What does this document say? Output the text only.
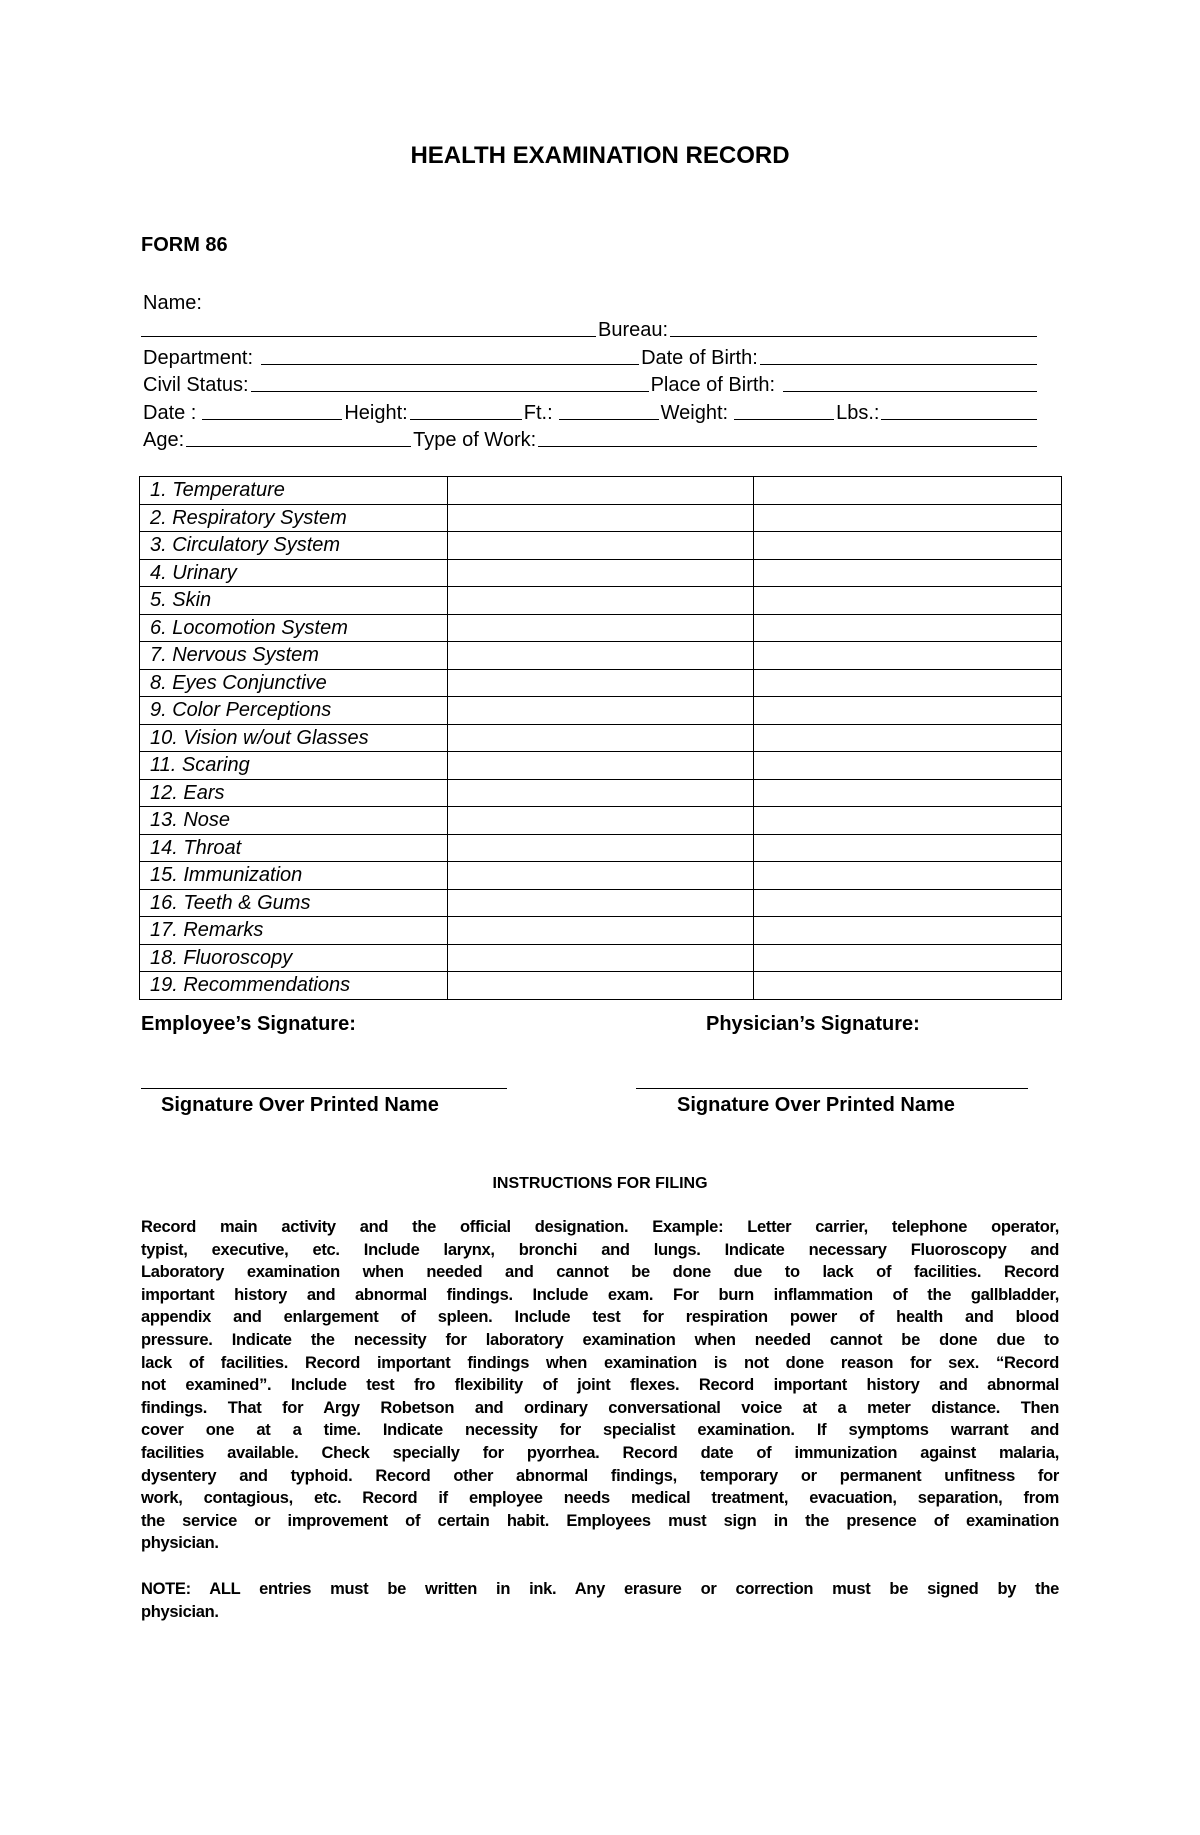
HEALTH EXAMINATION RECORD
FORM 86
Name:
Bureau:
Department:	Date of Birth:
Civil Status:	Place of Birth:
Date :	Height:	Ft.:	Weight:	Lbs.:
Age:	Type of Work:
1. Temperature		
2. Respiratory System		
3. Circulatory System		
4. Urinary		
5. Skin		
6. Locomotion System		
7. Nervous System		
8. Eyes Conjunctive		
9. Color Perceptions		
10. Vision w/out Glasses		
11. Scaring		
12. Ears		
13. Nose		
14. Throat		
15. Immunization		
16. Teeth & Gums		
17. Remarks		
18. Fluoroscopy		
19. Recommendations		
Employee’s Signature:	Physician’s Signature:
Signature Over Printed Name	Signature Over Printed Name
INSTRUCTIONS FOR FILING
Record main activity and the official designation. Example: Letter carrier, telephone operator,
typist, executive, etc. Include larynx, bronchi and lungs. Indicate necessary Fluoroscopy and
Laboratory examination when needed and cannot be done due to lack of facilities. Record
important history and abnormal findings. Include exam. For burn inflammation of the gallbladder,
appendix and enlargement of spleen. Include test for respiration power of health and blood
pressure. Indicate the necessity for laboratory examination when needed cannot be done due to
lack of facilities. Record important findings when examination is not done reason for sex. “Record
not examined”. Include test fro flexibility of joint flexes. Record important history and abnormal
findings. That for Argy Robetson and ordinary conversational voice at a meter distance. Then
cover one at a time. Indicate necessity for specialist examination. If symptoms warrant and
facilities available. Check specially for pyorrhea. Record date of immunization against malaria,
dysentery and typhoid. Record other abnormal findings, temporary or permanent unfitness for
work, contagious, etc. Record if employee needs medical treatment, evacuation, separation, from
the service or improvement of certain habit. Employees must sign in the presence of examination
physician.
NOTE: ALL entries must be written in ink. Any erasure or correction must be signed by the
physician.
